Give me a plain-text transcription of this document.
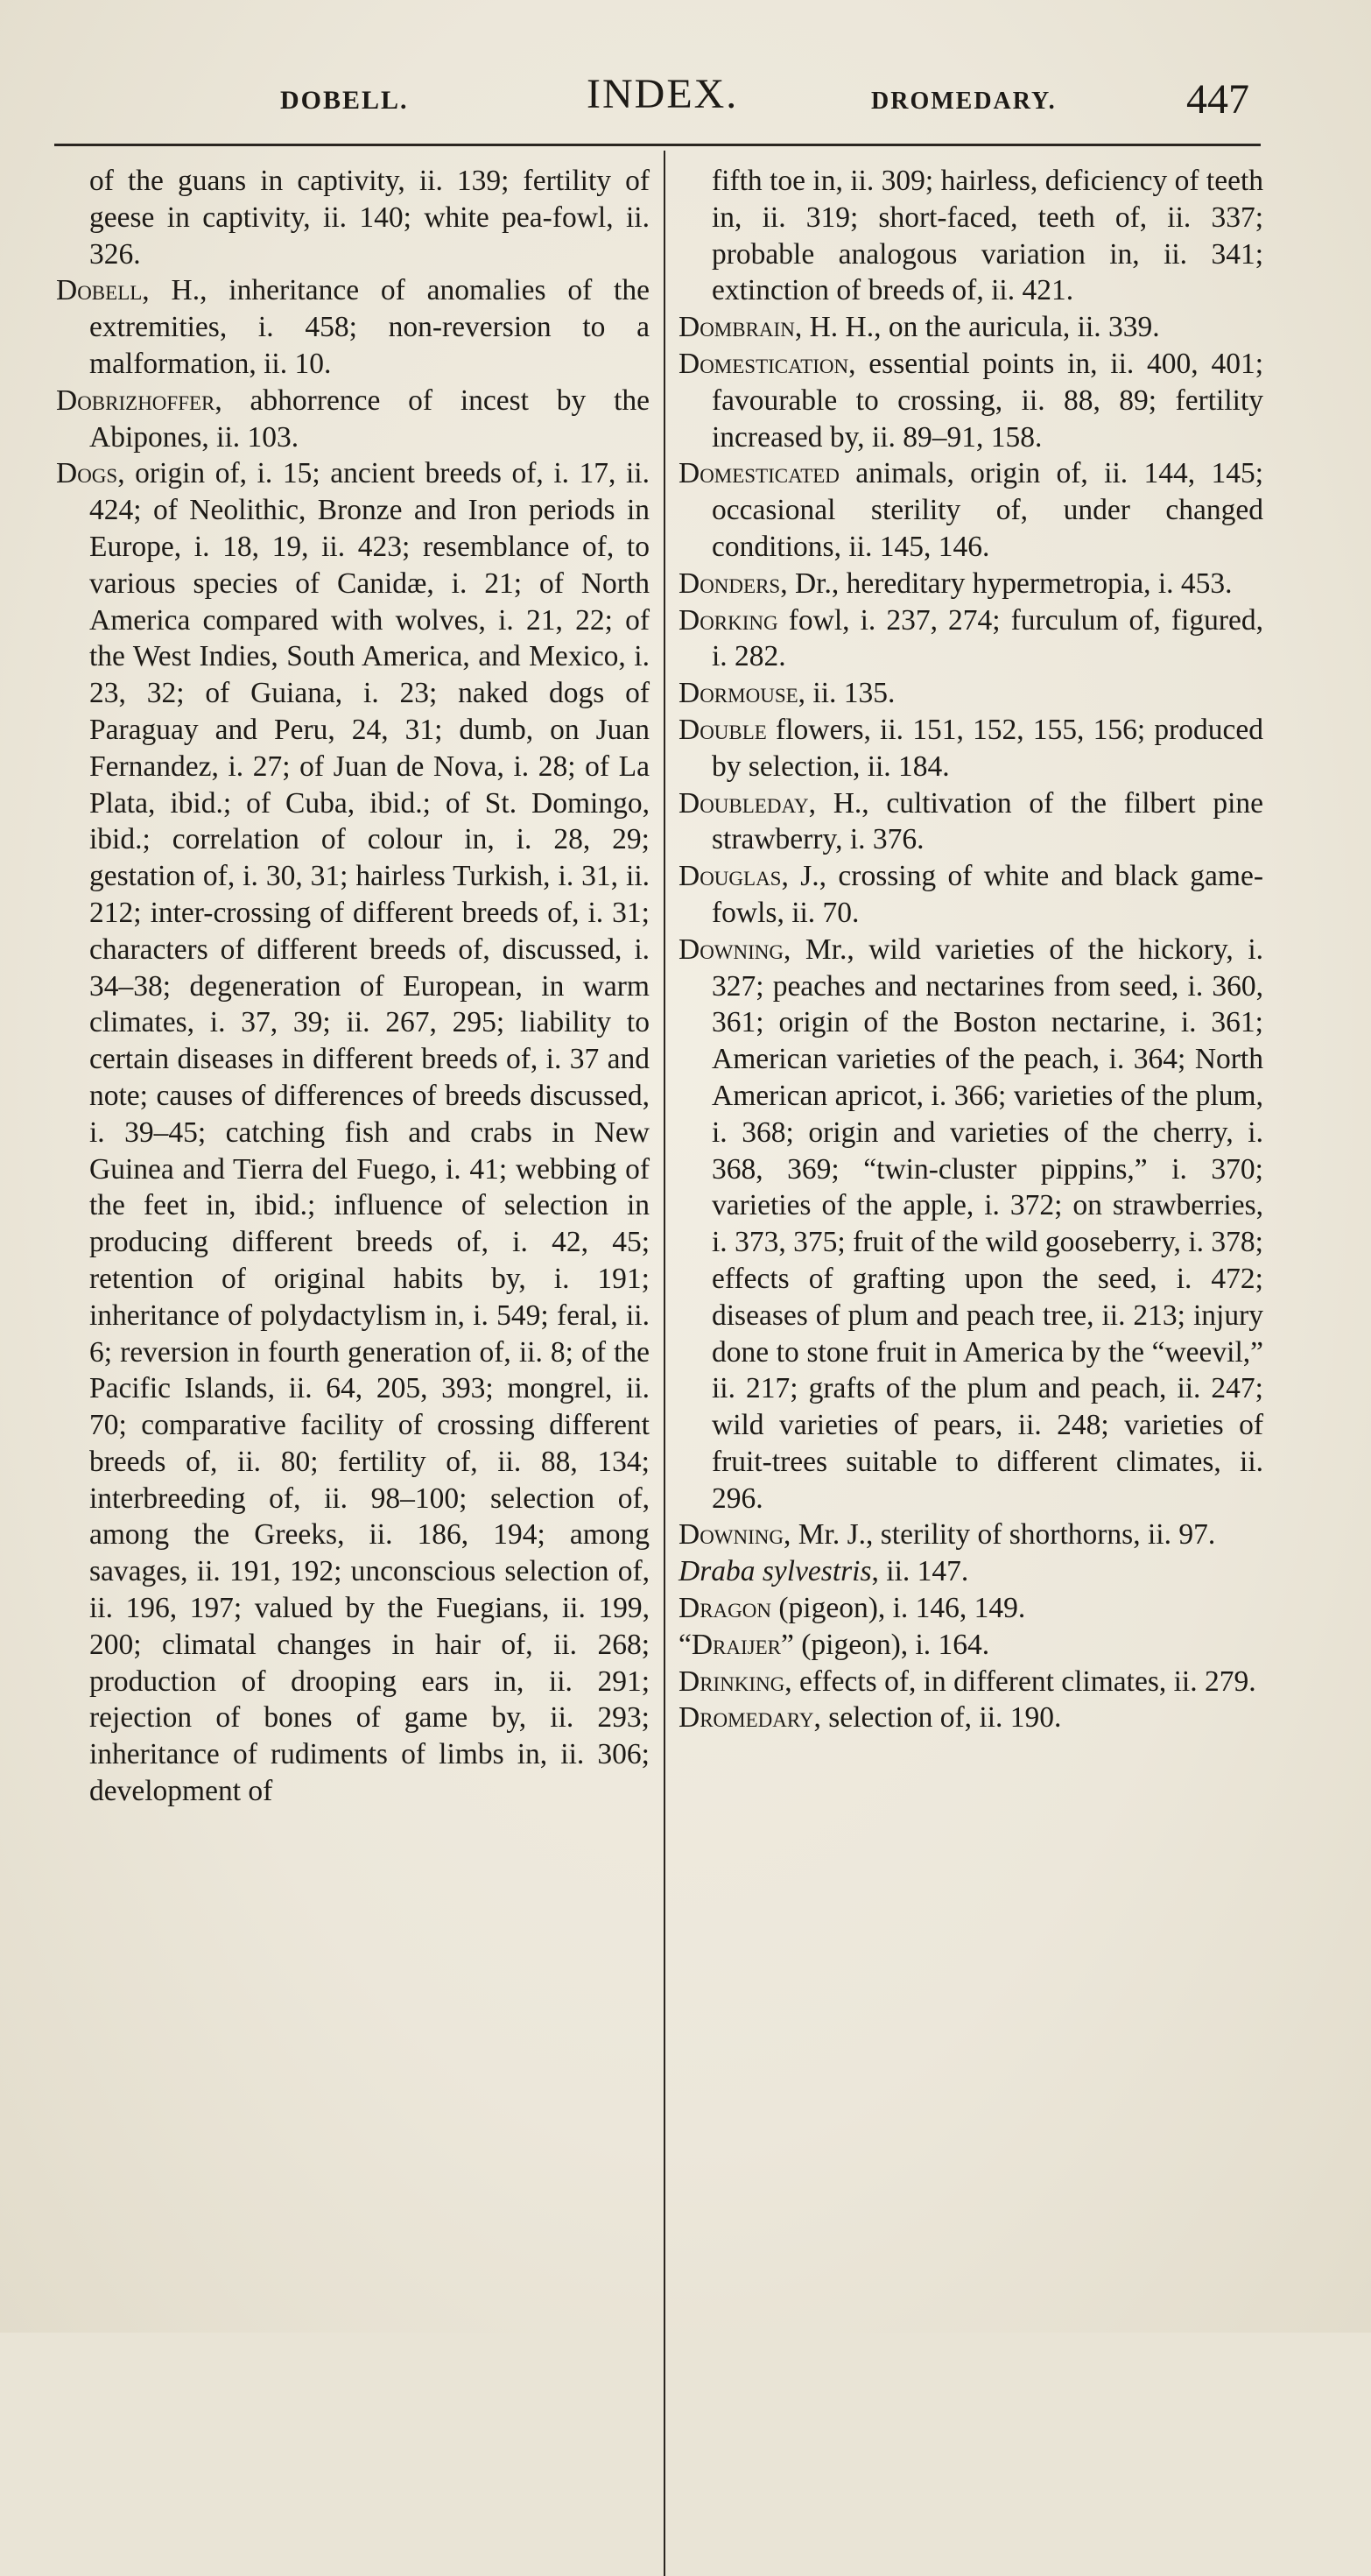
DOBELL.	INDEX.	DROMEDARY.	447

of the guans in captivity, ii. 139; fertility of geese in captivity, ii. 140; white pea-fowl, ii. 326.

Dobell, H., inheritance of anomalies of the extremities, i. 458; non-reversion to a malformation, ii. 10.

Dobrizhoffer, abhorrence of incest by the Abipones, ii. 103.

Dogs, origin of, i. 15; ancient breeds of, i. 17, ii. 424; of Neolithic, Bronze and Iron periods in Europe, i. 18, 19, ii. 423; resemblance of, to various species of Canidæ, i. 21; of North America compared with wolves, i. 21, 22; of the West Indies, South America, and Mexico, i. 23, 32; of Guiana, i. 23; naked dogs of Paraguay and Peru, 24, 31; dumb, on Juan Fernandez, i. 27; of Juan de Nova, i. 28; of La Plata, ibid.; of Cuba, ibid.; of St. Domingo, ibid.; correlation of colour in, i. 28, 29; gestation of, i. 30, 31; hairless Turkish, i. 31, ii. 212; inter-crossing of different breeds of, i. 31; characters of different breeds of, discussed, i. 34–38; degeneration of European, in warm climates, i. 37, 39; ii. 267, 295; liability to certain diseases in different breeds of, i. 37 and note; causes of differences of breeds discussed, i. 39–45; catching fish and crabs in New Guinea and Tierra del Fuego, i. 41; webbing of the feet in, ibid.; influence of selection in producing different breeds of, i. 42, 45; retention of original habits by, i. 191; inheritance of polydactylism in, i. 549; feral, ii. 6; reversion in fourth generation of, ii. 8; of the Pacific Islands, ii. 64, 205, 393; mongrel, ii. 70; comparative facility of crossing different breeds of, ii. 80; fertility of, ii. 88, 134; interbreeding of, ii. 98–100; selection of, among the Greeks, ii. 186, 194; among savages, ii. 191, 192; unconscious selection of, ii. 196, 197; valued by the Fuegians, ii. 199, 200; climatal changes in hair of, ii. 268; production of drooping ears in, ii. 291; rejection of bones of game by, ii. 293; inheritance of rudiments of limbs in, ii. 306; development of

fifth toe in, ii. 309; hairless, deficiency of teeth in, ii. 319; short-faced, teeth of, ii. 337; probable analogous variation in, ii. 341; extinction of breeds of, ii. 421.

Dombrain, H. H., on the auricula, ii. 339.

Domestication, essential points in, ii. 400, 401; favourable to crossing, ii. 88, 89; fertility increased by, ii. 89–91, 158.

Domesticated animals, origin of, ii. 144, 145; occasional sterility of, under changed conditions, ii. 145, 146.

Donders, Dr., hereditary hypermetropia, i. 453.

Dorking fowl, i. 237, 274; furculum of, figured, i. 282.

Dormouse, ii. 135.

Double flowers, ii. 151, 152, 155, 156; produced by selection, ii. 184.

Doubleday, H., cultivation of the filbert pine strawberry, i. 376.

Douglas, J., crossing of white and black game-fowls, ii. 70.

Downing, Mr., wild varieties of the hickory, i. 327; peaches and nectarines from seed, i. 360, 361; origin of the Boston nectarine, i. 361; American varieties of the peach, i. 364; North American apricot, i. 366; varieties of the plum, i. 368; origin and varieties of the cherry, i. 368, 369; “twin-cluster pippins,” i. 370; varieties of the apple, i. 372; on strawberries, i. 373, 375; fruit of the wild gooseberry, i. 378; effects of grafting upon the seed, i. 472; diseases of plum and peach tree, ii. 213; injury done to stone fruit in America by the “weevil,” ii. 217; grafts of the plum and peach, ii. 247; wild varieties of pears, ii. 248; varieties of fruit-trees suitable to different climates, ii. 296.

Downing, Mr. J., sterility of shorthorns, ii. 97.

Draba sylvestris, ii. 147.

Dragon (pigeon), i. 146, 149.

“Draijer” (pigeon), i. 164.

Drinking, effects of, in different climates, ii. 279.

Dromedary, selection of, ii. 190.
